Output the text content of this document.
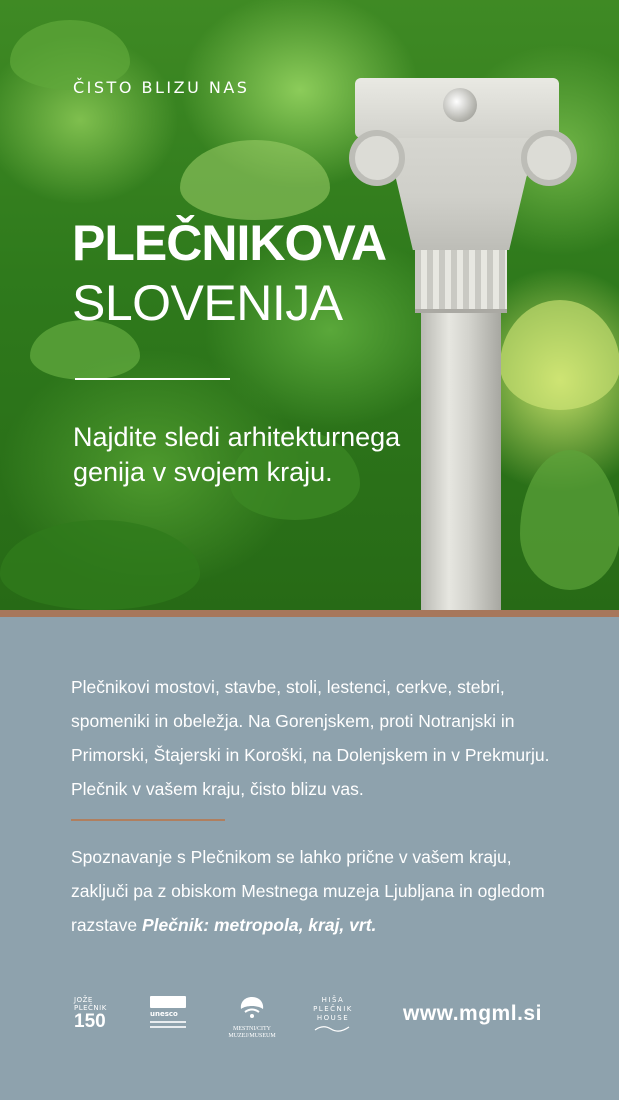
ČISTO BLIZU NAS
PLEČNIKOVA
SLOVENIJA
Najdite sledi arhitekturnega genija v svojem kraju.
Plečnikovi mostovi, stavbe, stoli, lestenci, cerkve, stebri, spomeniki in obeležja. Na Gorenjskem, proti Notranjski in Primorski, Štajerski in Koroški, na Dolenjskem in v Prekmurju. Plečnik v vašem kraju, čisto blizu vas.
Spoznavanje s Plečnikom se lahko prične v vašem kraju, zaključi pa z obiskom Mestnega muzeja Ljubljana in ogledom razstave Plečnik: metropola, kraj, vrt.
JOŽE
PLEČNIK
150	unesco
MESTNI/CITY MUZEJ/MUSEUM
HIŠA
PLEČNIK
HOUSE	www.mgml.si
